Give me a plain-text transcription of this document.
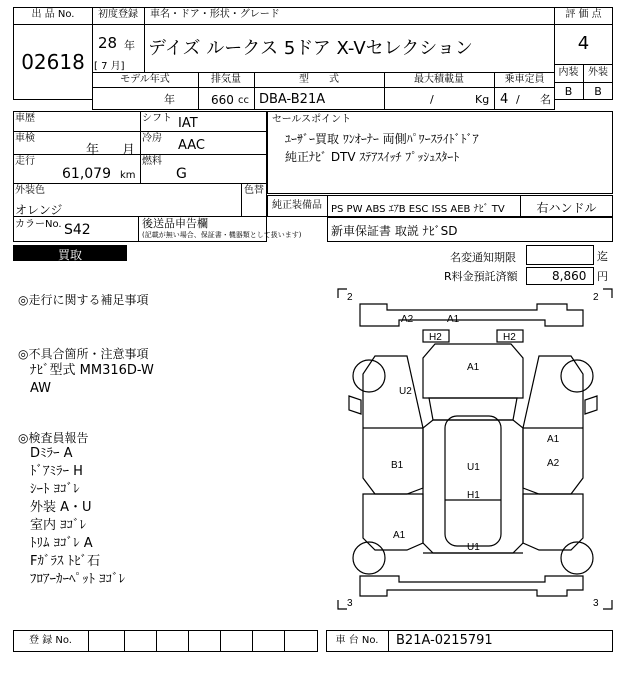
出 品 No.
02618
初度登録
28 年
[ 7 月]
車名・ドア・形状・グレード
デイズ ルークス 5ドア X-Vセレクション
評 価 点
4
内装 外装
B	B
モデル年式
年
排気量
660 cc
型　　式
DBA-B21A
最大積載量
/	Kg
乗車定員
4 / 名
車歴	シフト IAT
車検
年 月
冷房 AAC
走行
61,079 km
燃料
G
外装色
オレンジ
色替
カラーNo. S42	後送品申告欄
(記載が無い場合、保証書・機器類として扱います)
セールスポイント
ﾕｰｻﾞｰ買取 ﾜﾝｵｰﾅｰ 両側ﾊﾟﾜｰｽﾗｲﾄﾞﾄﾞｱ
純正ﾅﾋﾞ DTV ｽﾃｱｽｲｯﾁ ﾌﾟｯｼｭｽﾀｰﾄ
純正装備品 PS PW ABS ｴｱB ESC ISS AEB ﾅﾋﾞ TV	右ハンドル
新車保証書 取説 ﾅﾋﾞSD
買取	名変通知期限	迄
R料金預託済額	8,860 円
◎走行に関する補足事項
◎不具合箇所・注意事項
ﾅﾋﾞ型式 MM316D-W
AW
◎検査員報告
Dﾐﾗｰ A
ﾄﾞｱﾐﾗｰ H
ｼｰﾄ ﾖｺﾞﾚ
外装 A・U
室内 ﾖｺﾞﾚ
ﾄﾘﾑ ﾖｺﾞﾚ A
Fｶﾞﾗｽ ﾄﾋﾞ石
ﾌﾛｱｰｶｰﾍﾟｯﾄ ﾖｺﾞﾚ
2	2
3	3
A2	A1
H2	H2
A1
U2
A1
B1	U1	A2
H1
A1
U1
登 録 No.	車 台 No.	B21A-0215791
